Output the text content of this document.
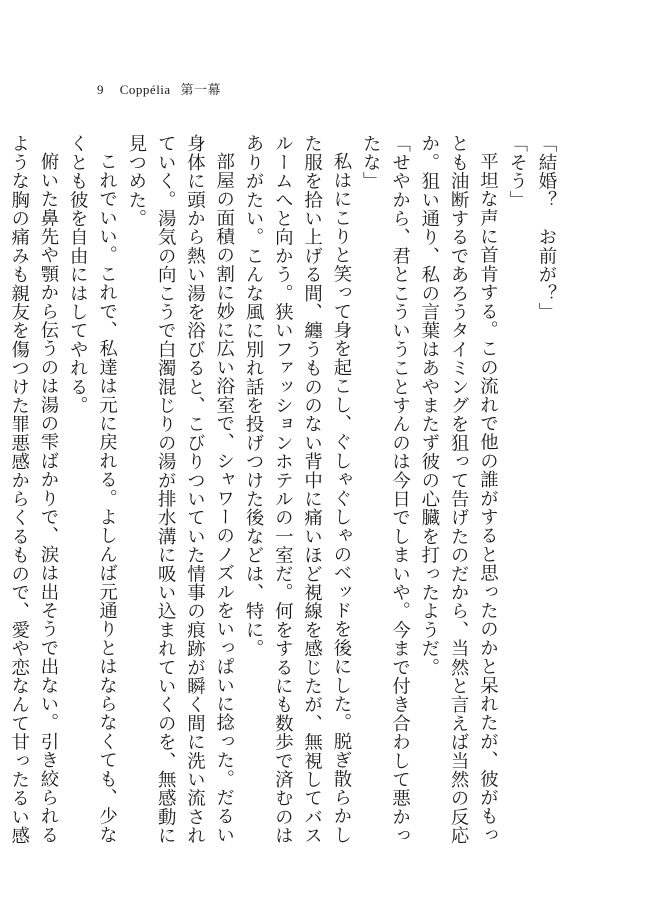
9 Coppélia 第一幕

「結婚？　お前が？」

「そう」

平坦な声に首肯する。この流れで他の誰がすると思ったのかと呆れたが、彼がもっとも油断するであろうタイミングを狙って告げたのだから、当然と言えば当然の反応か。狙い通り、私の言葉はあやまたず彼の心臓を打ったようだ。

「せやから、君とこういうことすんのは今日でしまいや。今まで付き合わして悪かったな」

私はにこりと笑って身を起こし、ぐしゃぐしゃのベッドを後にした。脱ぎ散らかした服を拾い上げる間、纏うもののない背中に痛いほど視線を感じたが、無視してバスルームへと向かう。狭いファッションホテルの一室だ。何をするにも数歩で済むのはありがたい。こんな風に別れ話を投げつけた後などは、特に。

部屋の面積の割に妙に広い浴室で、シャワーのノズルをいっぱいに捻った。だるい身体に頭から熱い湯を浴びると、こびりついていた情事の痕跡が瞬く間に洗い流されていく。湯気の向こうで白濁混じりの湯が排水溝に吸い込まれていくのを、無感動に見つめた。

これでいい。これで、私達は元に戻れる。よしんば元通りとはならなくても、少なくとも彼を自由にはしてやれる。

俯いた鼻先や顎から伝うのは湯の雫ばかりで、涙は出そうで出ない。引き絞られるような胸の痛みも親友を傷つけた罪悪感からくるもので、愛や恋なんて甘ったるい感
